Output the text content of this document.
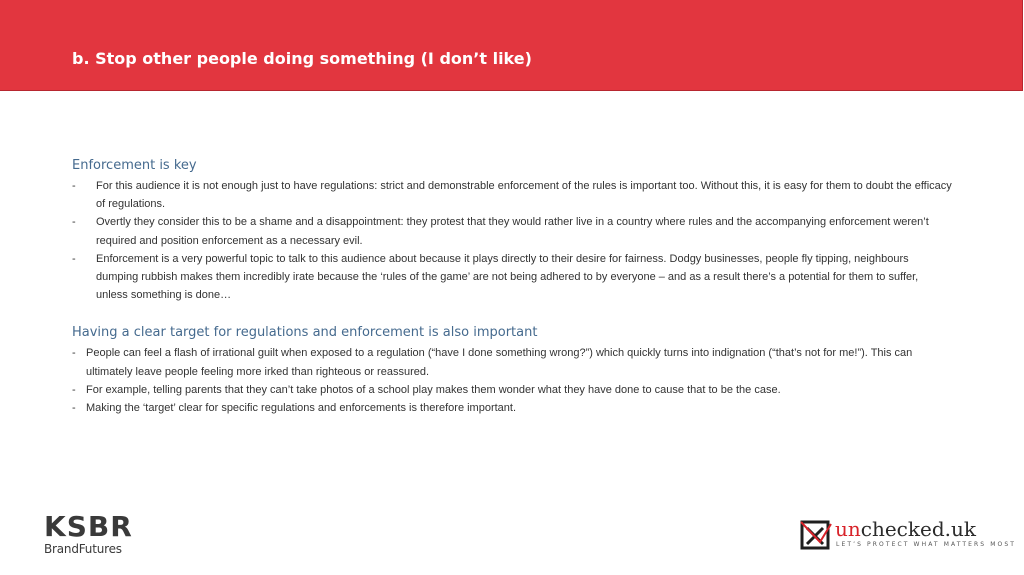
b. Stop other people doing something (I don’t like)
Enforcement is key
- For this audience it is not enough just to have regulations: strict and demonstrable enforcement of the rules is important too. Without this, it is easy for them to doubt the efficacy of regulations.
- Overtly they consider this to be a shame and a disappointment: they protest that they would rather live in a country where rules and the accompanying enforcement weren’t required and position enforcement as a necessary evil.
- Enforcement is a very powerful topic to talk to this audience about because it plays directly to their desire for fairness. Dodgy businesses, people fly tipping, neighbours dumping rubbish makes them incredibly irate because the ‘rules of the game’ are not being adhered to by everyone – and as a result there’s a potential for them to suffer, unless something is done…
Having a clear target for regulations and enforcement is also important
- People can feel a flash of irrational guilt when exposed to a regulation (“have I done something wrong?”) which quickly turns into indignation (“that’s not for me!”). This can ultimately leave people feeling more irked than righteous or reassured.
- For example, telling parents that they can’t take photos of a school play makes them wonder what they have done to cause that to be the case.
- Making the ‘target’ clear for specific regulations and enforcements is therefore important.
KSBR
BrandFutures
unchecked.uk
LET’S PROTECT WHAT MATTERS MOST
